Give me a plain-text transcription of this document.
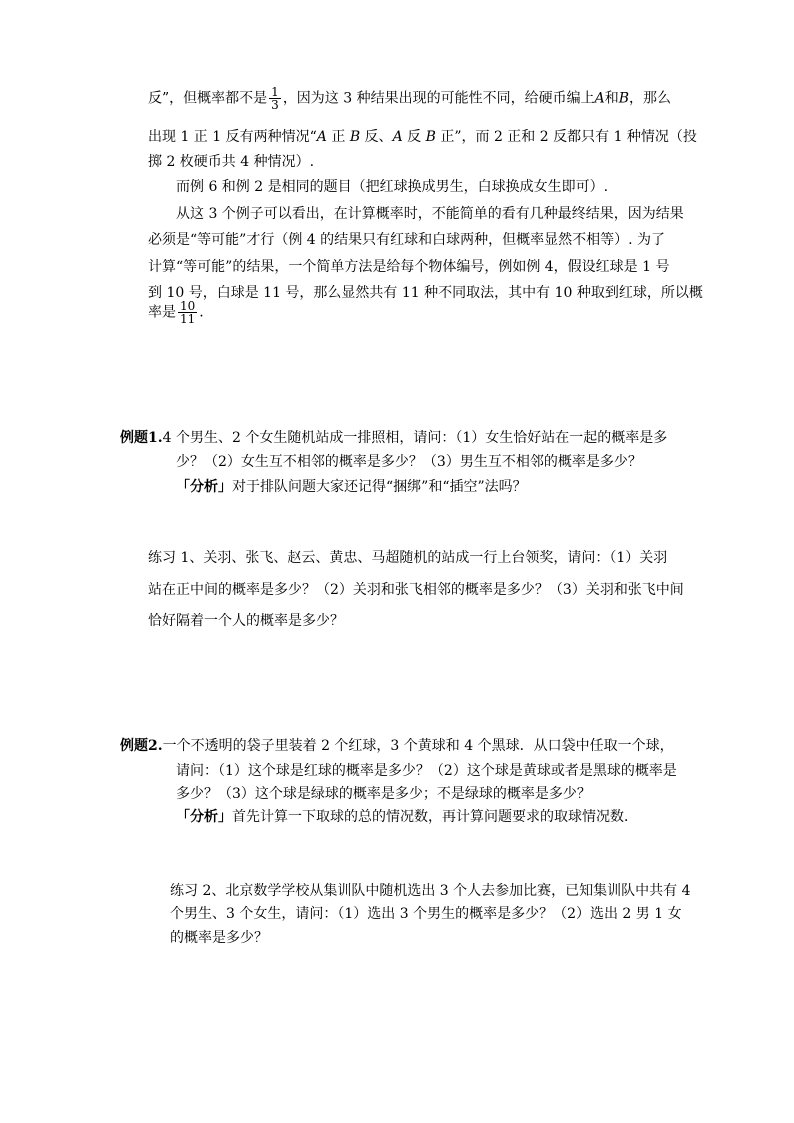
反”，但概率都不是 $\frac{1}{3}$ ，因为这 3 种结果出现的可能性不同，给硬币编上A和B，那么
出现 1 正 1 反有两种情况“A 正 B 反、A 反 B 正”，而 2 正和 2 反都只有 1 种情况（投
掷 2 枚硬币共 4 种情况）.
而例 6 和例 2 是相同的题目（把红球换成男生，白球换成女生即可）.
从这 3 个例子可以看出，在计算概率时，不能简单的看有几种最终结果，因为结果
必须是“等可能”才行（例 4 的结果只有红球和白球两种，但概率显然不相等）. 为了
计算“等可能”的结果，一个简单方法是给每个物体编号，例如例 4，假设红球是 1 号
到 10 号，白球是 11 号，那么显然共有 11 种不同取法，其中有 10 种取到红球，所以概
率是 $\frac{10}{11}$ .
例题1.4 个男生、2 个女生随机站成一排照相，请问：（1）女生恰好站在一起的概率是多
少？（2）女生互不相邻的概率是多少？（3）男生互不相邻的概率是多少？
「分析」对于排队问题大家还记得“捆绑”和“插空”法吗？
练习 1、关羽、张飞、赵云、黄忠、马超随机的站成一行上台领奖，请问：（1）关羽
站在正中间的概率是多少？（2）关羽和张飞相邻的概率是多少？（3）关羽和张飞中间
恰好隔着一个人的概率是多少？
例题2.一个不透明的袋子里装着 2 个红球，3 个黄球和 4 个黑球．从口袋中任取一个球，
请问：（1）这个球是红球的概率是多少？（2）这个球是黄球或者是黑球的概率是
多少？（3）这个球是绿球的概率是多少；不是绿球的概率是多少？
「分析」首先计算一下取球的总的情况数，再计算问题要求的取球情况数．
练习 2、北京数学学校从集训队中随机选出 3 个人去参加比赛，已知集训队中共有 4
个男生、3 个女生，请问：（1）选出 3 个男生的概率是多少？（2）选出 2 男 1 女
的概率是多少？
